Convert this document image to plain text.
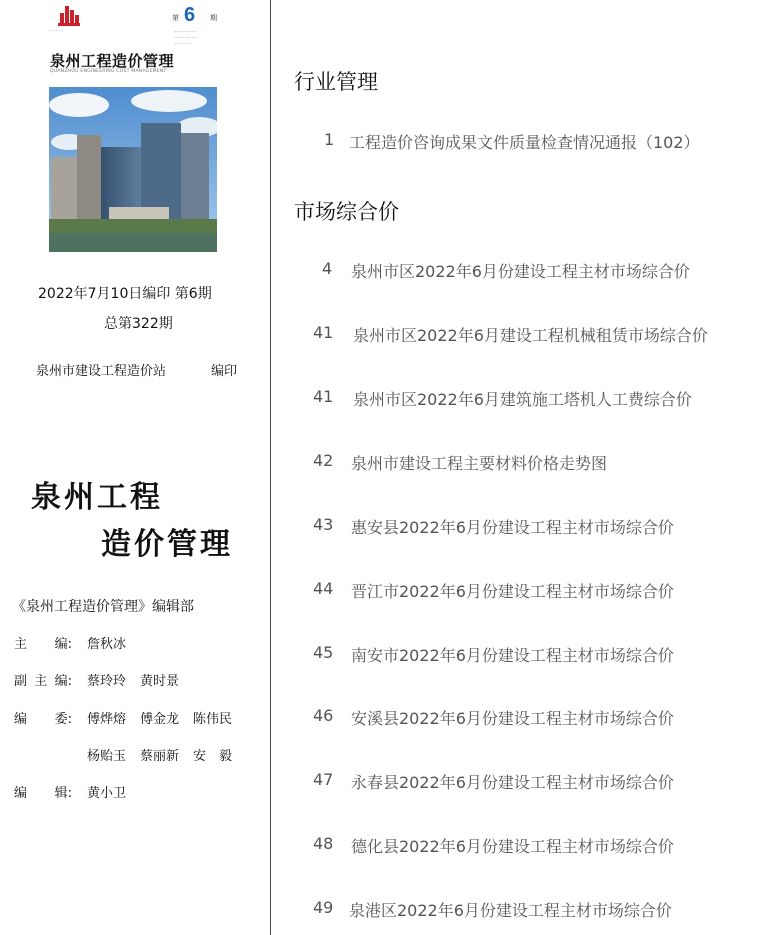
············
第 6 期
··················
··················
··············
泉州工程造价管理
QUANZHOU ENGINEERING COST MANAGEMENT
2022年7月10日编印 第6期
总第322期
泉州市建设工程造价站	编印
泉州工程
造价管理
《泉州工程造价管理》编辑部
主 编: 詹秋冰
副 主 编: 蔡玲玲 黄时景
编 委: 傅烨熔 傅金龙 陈伟民
杨贻玉 蔡丽新 安　毅
编 辑: 黄小卫
行业管理
1 工程造价咨询成果文件质量检查情况通报（102）
市场综合价
4 泉州市区2022年6月份建设工程主材市场综合价
41 泉州市区2022年6月建设工程机械租赁市场综合价
41 泉州市区2022年6月建筑施工塔机人工费综合价
42 泉州市建设工程主要材料价格走势图
43 惠安县2022年6月份建设工程主材市场综合价
44 晋江市2022年6月份建设工程主材市场综合价
45 南安市2022年6月份建设工程主材市场综合价
46 安溪县2022年6月份建设工程主材市场综合价
47 永春县2022年6月份建设工程主材市场综合价
48 德化县2022年6月份建设工程主材市场综合价
49 泉港区2022年6月份建设工程主材市场综合价
